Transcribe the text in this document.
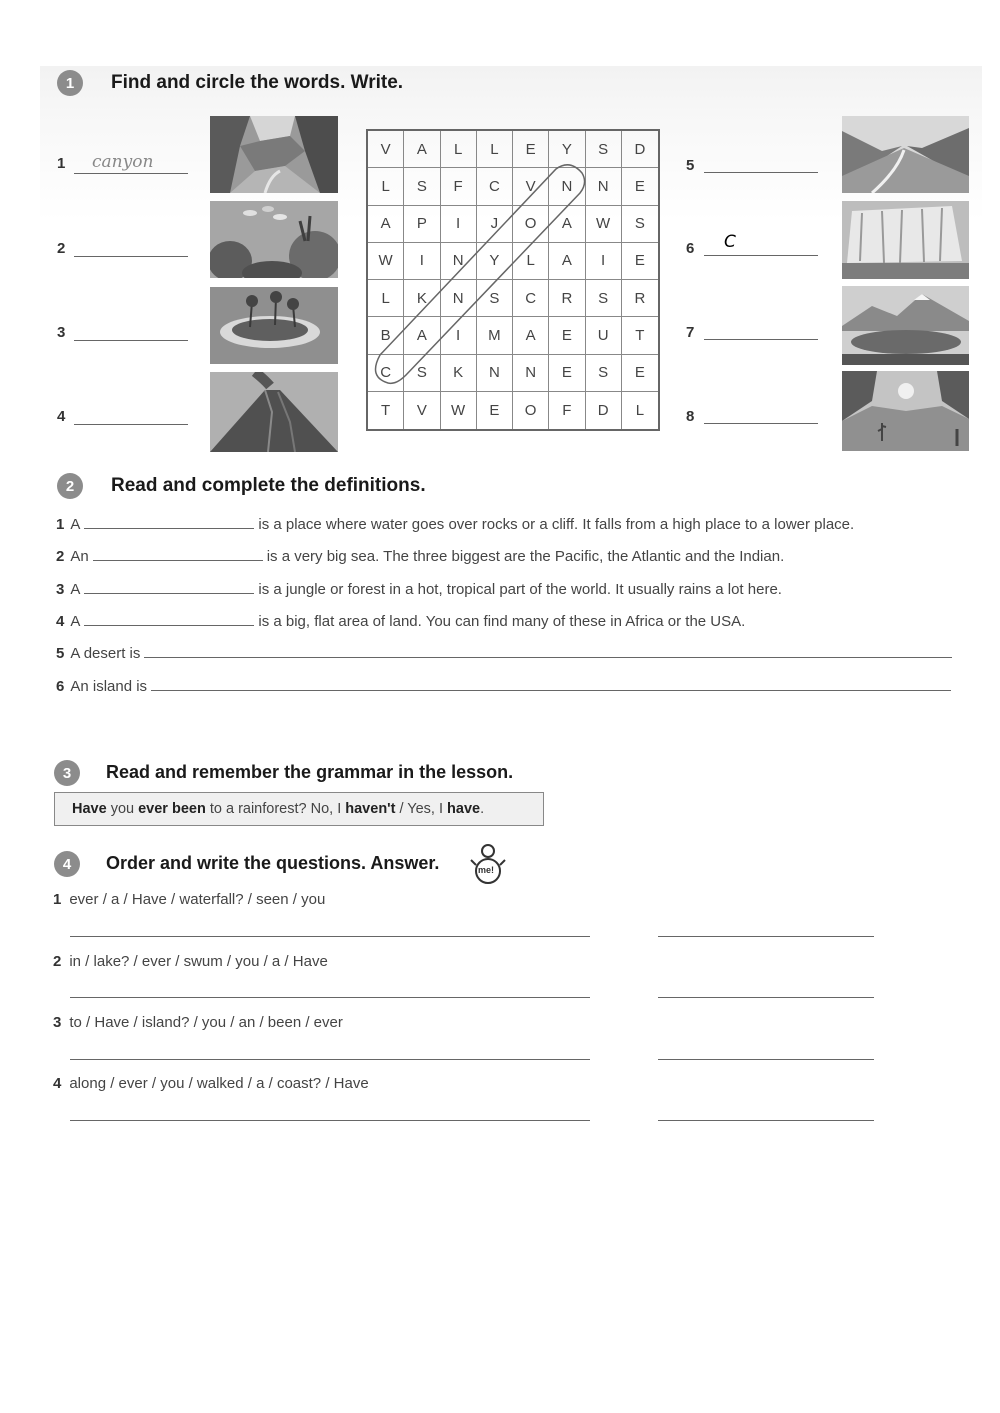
1	Find and circle the words. Write.
1 canyon
2
3
4
V	A	L	L	E	Y	S	D
L	S	F	C	V	N	N	E
A	P	I	J	O	A	W	S
W	I	N	Y	L	A	I	E
L	K	N	S	C	R	S	R
B	A	I	M	A	E	U	T
C	S	K	N	N	E	S	E
T	V	W	E	O	F	D	L
5
6 C
7
8
2	Read and complete the definitions.
1 A	is a place where water goes over rocks or a cliff. It falls from a high place to a lower place.
2 An	is a very big sea. The three biggest are the Pacific, the Atlantic and the Indian.
3 A	is a jungle or forest in a hot, tropical part of the world. It usually rains a lot here.
4 A	is a big, flat area of land. You can find many of these in Africa or the USA.
5 A desert is
6 An island is
3	Read and remember the grammar in the lesson.
Have you ever been to a rainforest? No, I haven't / Yes, I have .
4	Order and write the questions. Answer.	me!
1 ever / a / Have / waterfall? / seen / you
2 in / lake? / ever / swum / you / a / Have
3 to / Have / island? / you / an / been / ever
4 along / ever / you / walked / a / coast? / Have
